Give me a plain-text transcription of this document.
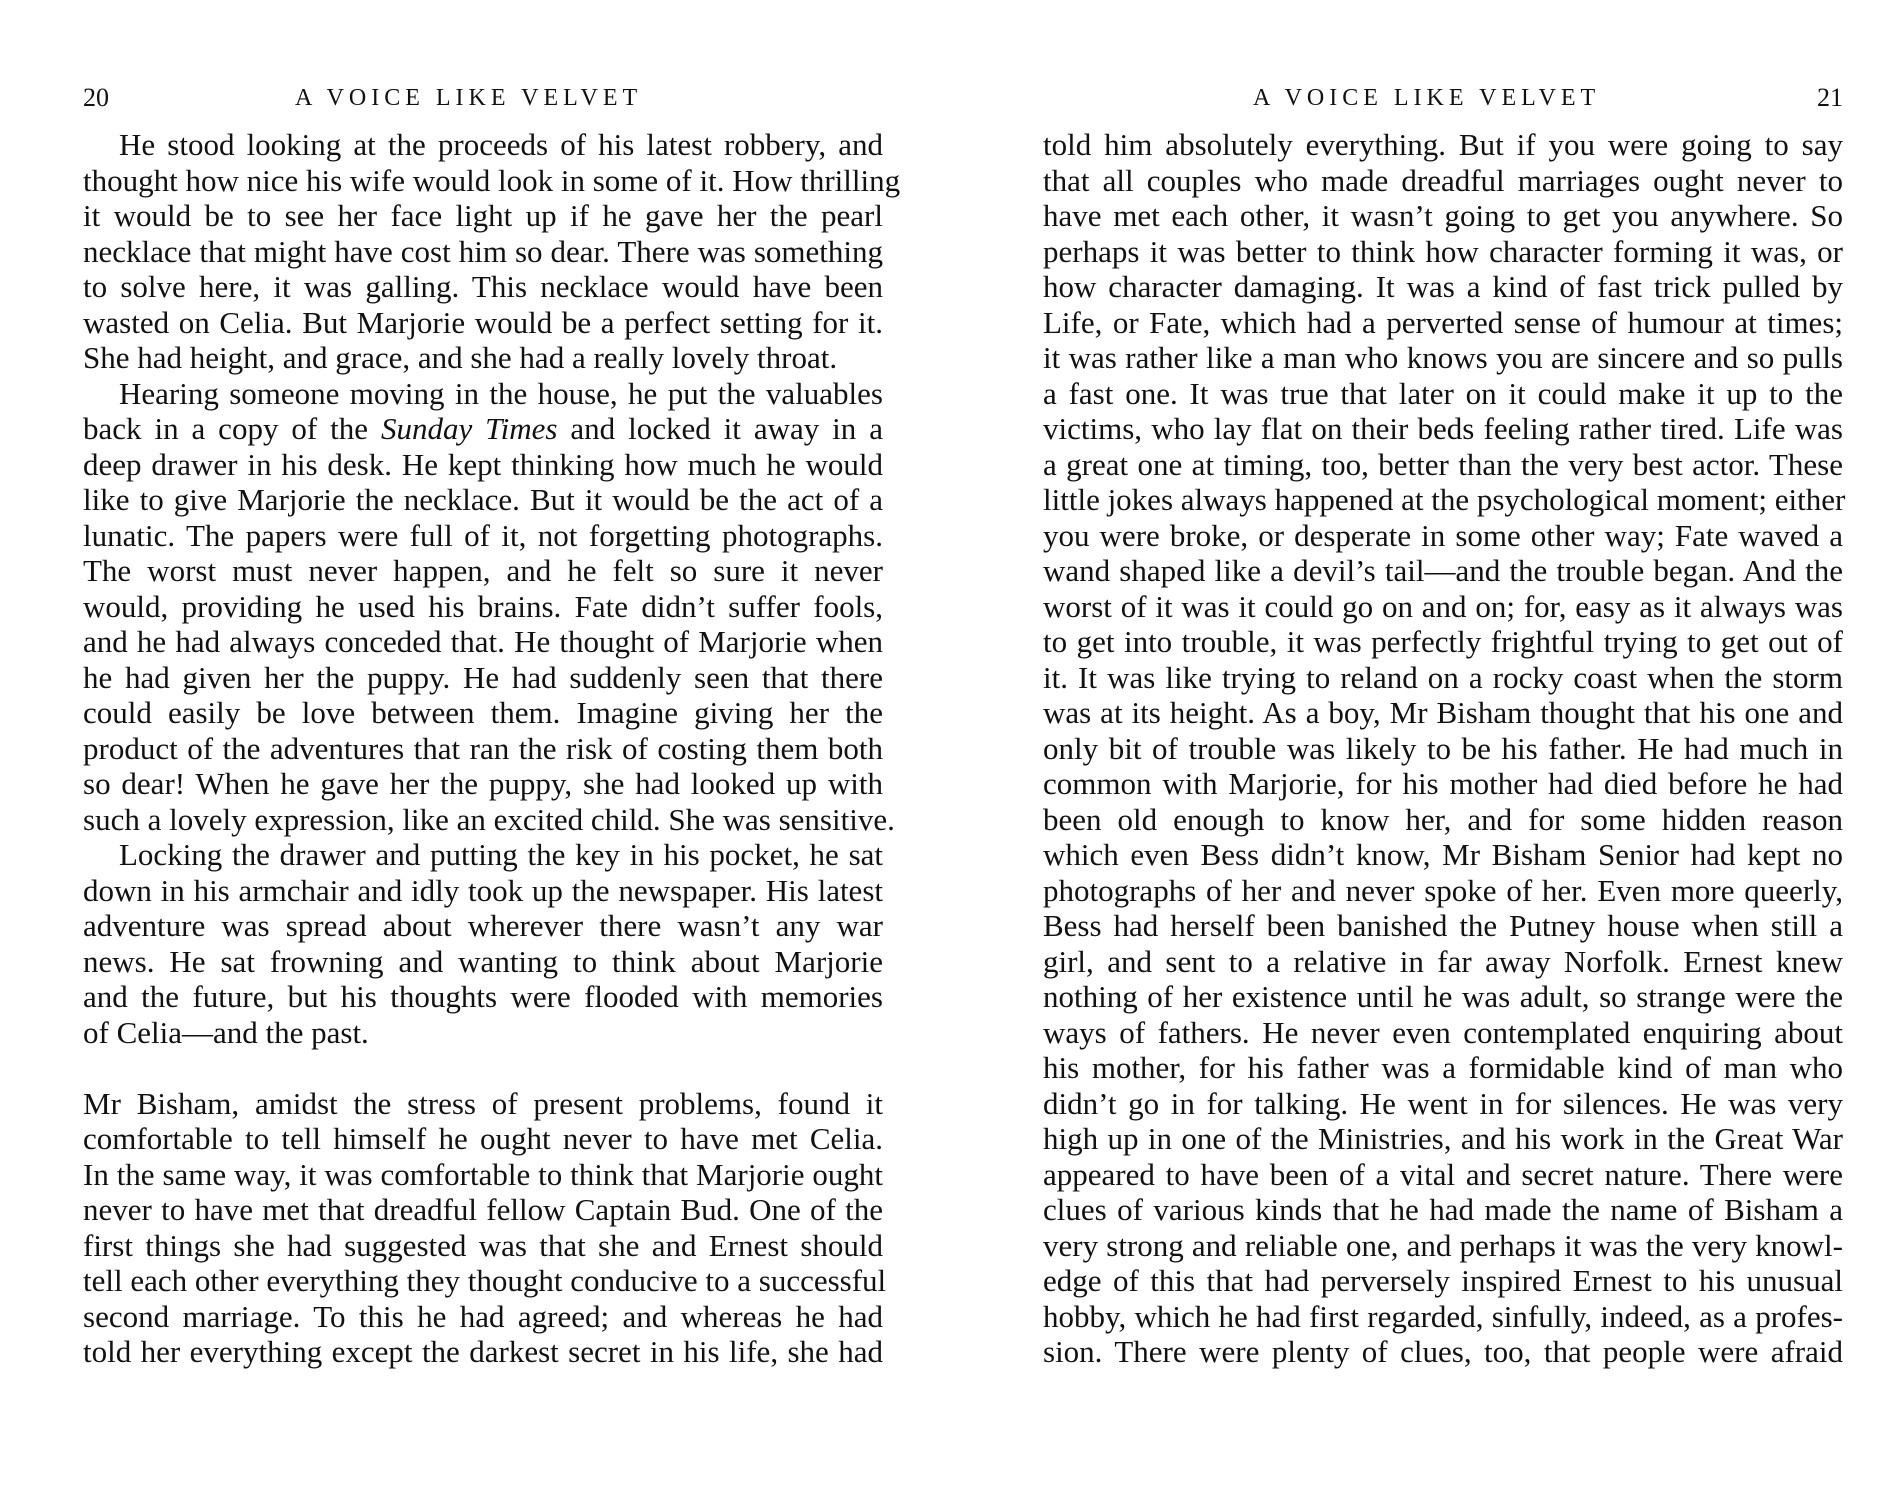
20	A VOICE LIKE VELVET
He stood looking at the proceeds of his latest robbery, and
thought how nice his wife would look in some of it. How thrilling
it would be to see her face light up if he gave her the pearl
necklace that might have cost him so dear. There was something
to solve here, it was galling. This necklace would have been
wasted on Celia. But Marjorie would be a perfect setting for it.
She had height, and grace, and she had a really lovely throat.
Hearing someone moving in the house, he put the valuables
back in a copy of the Sunday Times and locked it away in a
deep drawer in his desk. He kept thinking how much he would
like to give Marjorie the necklace. But it would be the act of a
lunatic. The papers were full of it, not forgetting photographs.
The worst must never happen, and he felt so sure it never
would, providing he used his brains. Fate didn’t suffer fools,
and he had always conceded that. He thought of Marjorie when
he had given her the puppy. He had suddenly seen that there
could easily be love between them. Imagine giving her the
product of the adventures that ran the risk of costing them both
so dear! When he gave her the puppy, she had looked up with
such a lovely expression, like an excited child. She was sensitive.
Locking the drawer and putting the key in his pocket, he sat
down in his armchair and idly took up the newspaper. His latest
adventure was spread about wherever there wasn’t any war
news. He sat frowning and wanting to think about Marjorie
and the future, but his thoughts were flooded with memories
of Celia—and the past.
Mr Bisham, amidst the stress of present problems, found it
comfortable to tell himself he ought never to have met Celia.
In the same way, it was comfortable to think that Marjorie ought
never to have met that dreadful fellow Captain Bud. One of the
first things she had suggested was that she and Ernest should
tell each other everything they thought conducive to a successful
second marriage. To this he had agreed; and whereas he had
told her everything except the darkest secret in his life, she had
A VOICE LIKE VELVET	21
told him absolutely everything. But if you were going to say
that all couples who made dreadful marriages ought never to
have met each other, it wasn’t going to get you anywhere. So
perhaps it was better to think how character forming it was, or
how character damaging. It was a kind of fast trick pulled by
Life, or Fate, which had a perverted sense of humour at times;
it was rather like a man who knows you are sincere and so pulls
a fast one. It was true that later on it could make it up to the
victims, who lay flat on their beds feeling rather tired. Life was
a great one at timing, too, better than the very best actor. These
little jokes always happened at the psychological moment; either
you were broke, or desperate in some other way; Fate waved a
wand shaped like a devil’s tail—and the trouble began. And the
worst of it was it could go on and on; for, easy as it always was
to get into trouble, it was perfectly frightful trying to get out of
it. It was like trying to reland on a rocky coast when the storm
was at its height. As a boy, Mr Bisham thought that his one and
only bit of trouble was likely to be his father. He had much in
common with Marjorie, for his mother had died before he had
been old enough to know her, and for some hidden reason
which even Bess didn’t know, Mr Bisham Senior had kept no
photographs of her and never spoke of her. Even more queerly,
Bess had herself been banished the Putney house when still a
girl, and sent to a relative in far away Norfolk. Ernest knew
nothing of her existence until he was adult, so strange were the
ways of fathers. He never even contemplated enquiring about
his mother, for his father was a formidable kind of man who
didn’t go in for talking. He went in for silences. He was very
high up in one of the Ministries, and his work in the Great War
appeared to have been of a vital and secret nature. There were
clues of various kinds that he had made the name of Bisham a
very strong and reliable one, and perhaps it was the very knowl-
edge of this that had perversely inspired Ernest to his unusual
hobby, which he had first regarded, sinfully, indeed, as a profes-
sion. There were plenty of clues, too, that people were afraid
